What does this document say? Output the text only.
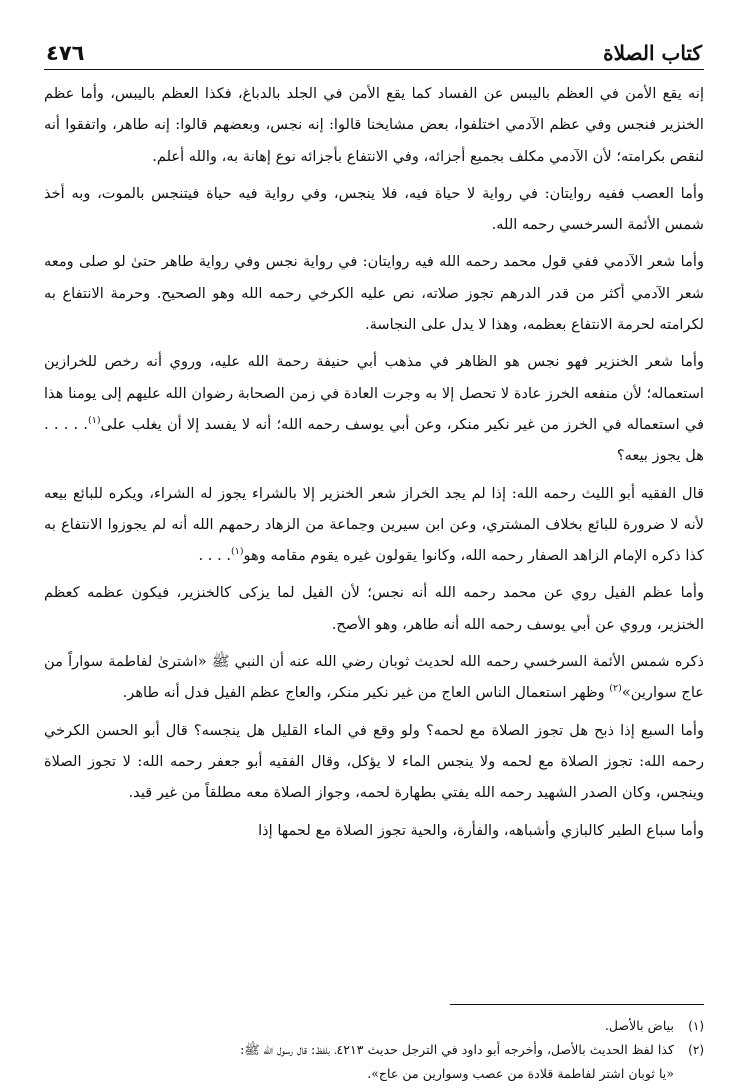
كتاب الصلاة
٤٧٦

إنه يقع الأمن في العظم باليبس عن الفساد كما يقع الأمن في الجلد بالدباغ، فكذا العظم باليبس، وأما عظم الخنزير فنجس وفي عظم الآدمي اختلفوا، بعض مشايخنا قالوا: إنه نجس، وبعضهم قالوا: إنه طاهر، واتفقوا أنه لنقص بكرامته؛ لأن الآدمي مكلف بجميع أجزائه، وفي الانتفاع بأجزائه نوع إهانة به، والله أعلم.

وأما العصب ففيه روايتان: في رواية لا حياة فيه، فلا ينجس، وفي رواية فيه حياة فيتنجس بالموت، وبه أخذ شمس الأئمة السرخسي رحمه الله.

وأما شعر الآدمي ففي قول محمد رحمه الله فيه روايتان: في رواية نجس وفي رواية طاهر حتىٰ لو صلى ومعه شعر الآدمي أكثر من قدر الدرهم تجوز صلاته، نص عليه الكرخي رحمه الله وهو الصحيح. وحرمة الانتفاع به لكرامته لحرمة الانتفاع بعظمه، وهذا لا يدل على النجاسة.

وأما شعر الخنزير فهو نجس هو الظاهر في مذهب أبي حنيفة رحمة الله عليه، وروي أنه رخص للخرازين استعماله؛ لأن منفعه الخرز عادة لا تحصل إلا به وجرت العادة في زمن الصحابة رضوان الله عليهم إلى يومنا هذا في استعماله في الخرز من غير نكير منكر، وعن أبي يوسف رحمه الله؛ أنه لا يفسد إلا أن يغلب على$^{(١)}$. . . . . هل يجوز بيعه؟

قال الفقيه أبو الليث رحمه الله: إذا لم يجد الخراز شعر الخنزير إلا بالشراء يجوز له الشراء، ويكره للبائع بيعه لأنه لا ضرورة للبائع بخلاف المشتري، وعن ابن سيرين وجماعة من الزهاد رحمهم الله أنه لم يجوزوا الانتفاع به كذا ذكره الإمام الزاهد الصفار رحمه الله، وكانوا يقولون غيره يقوم مقامه وهو$^{(١)}$. . . .

وأما عظم الفيل روي عن محمد رحمه الله أنه نجس؛ لأن الفيل لما يزكى كالخنزير، فيكون عظمه كعظم الخنزير، وروي عن أبي يوسف رحمه الله أنه طاهر، وهو الأصح.

ذكره شمس الأئمة السرخسي رحمه الله لحديث ثوبان رضي الله عنه أن النبي ﷺ «اشترىٰ لفاطمة سواراً من عاج سوارين»$^{(٢)}$ وظهر استعمال الناس العاج من غير نكير منكر، والعاج عظم الفيل فدل أنه طاهر.

وأما السبع إذا ذبح هل تجوز الصلاة مع لحمه؟ ولو وقع في الماء القليل هل ينجسه؟ قال أبو الحسن الكرخي رحمه الله: تجوز الصلاة مع لحمه ولا ينجس الماء لا يؤكل، وقال الفقيه أبو جعفر رحمه الله: لا تجوز الصلاة وينجس، وكان الصدر الشهيد رحمه الله يفتي بطهارة لحمه، وجواز الصلاة معه مطلقاً من غير قيد.

وأما سباع الطير كالبازي وأشباهه، والفأرة، والحية تجوز الصلاة مع لحمها إذا

(١)
بياض بالأصل.
(٢)
كذا لفظ الحديث بالأصل، وأخرجه أبو داود في الترجل حديث ٤٢١٣، بلفظ: قال رسول الله ﷺ:
«يا ثوبان اشتر لفاطمة قلادة من عصب وسوارين من عاج».
